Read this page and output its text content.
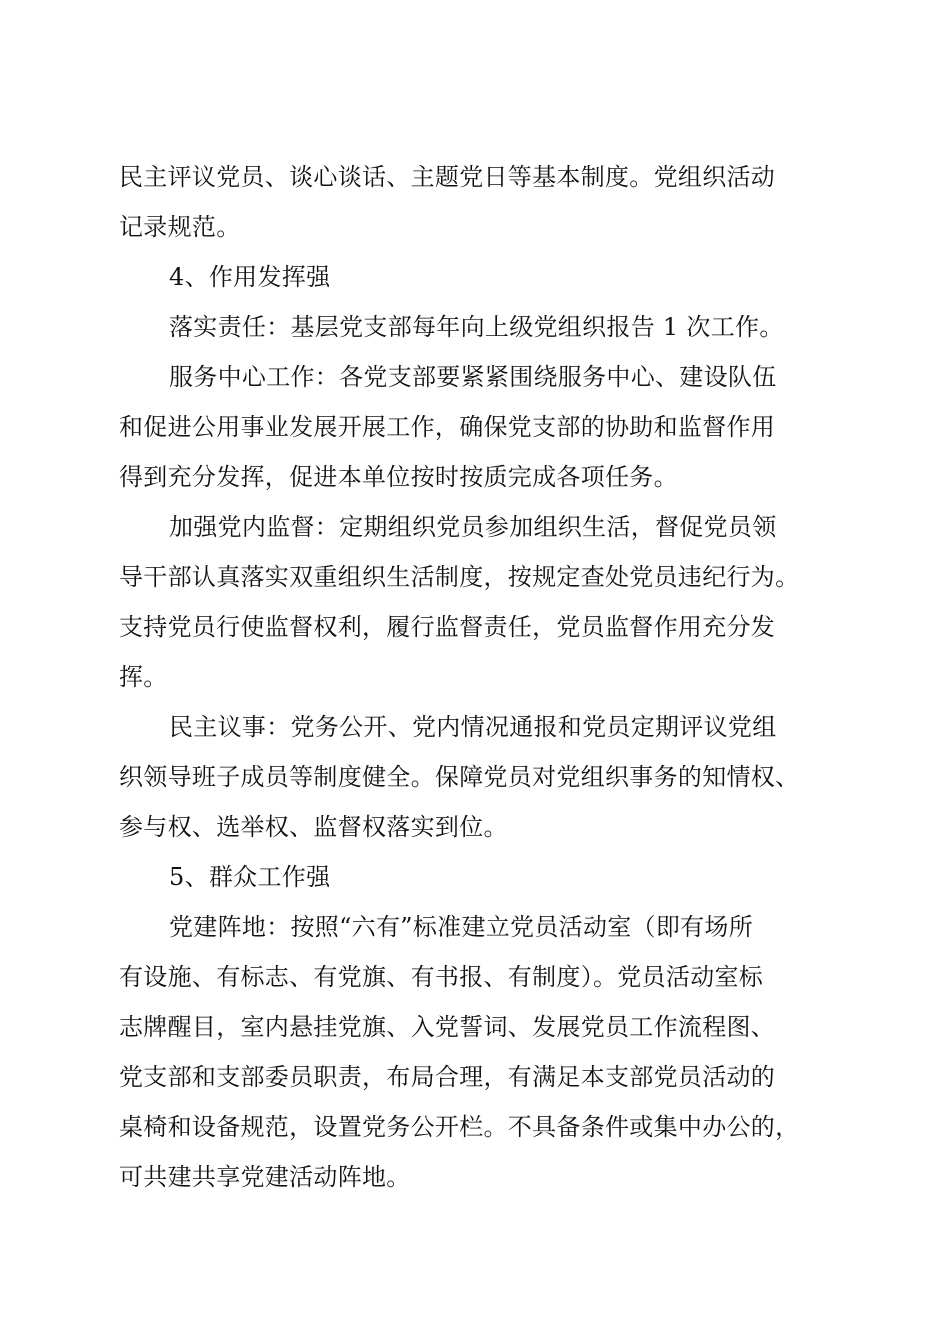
民主评议党员、谈心谈话、主题党日等基本制度。党组织活动
记录规范。
4、作用发挥强
落实责任：基层党支部每年向上级党组织报告 1 次工作。
服务中心工作：各党支部要紧紧围绕服务中心、建设队伍
和促进公用事业发展开展工作，确保党支部的协助和监督作用
得到充分发挥，促进本单位按时按质完成各项任务。
加强党内监督：定期组织党员参加组织生活，督促党员领
导干部认真落实双重组织生活制度，按规定查处党员违纪行为。
支持党员行使监督权利，履行监督责任，党员监督作用充分发
挥。
民主议事：党务公开、党内情况通报和党员定期评议党组
织领导班子成员等制度健全。保障党员对党组织事务的知情权、
参与权、选举权、监督权落实到位。
5、群众工作强
党建阵地：按照“六有”标准建立党员活动室（即有场所
有设施、有标志、有党旗、有书报、有制度）。党员活动室标
志牌醒目，室内悬挂党旗、入党誓词、发展党员工作流程图、
党支部和支部委员职责，布局合理，有满足本支部党员活动的
桌椅和设备规范，设置党务公开栏。不具备条件或集中办公的，
可共建共享党建活动阵地。
